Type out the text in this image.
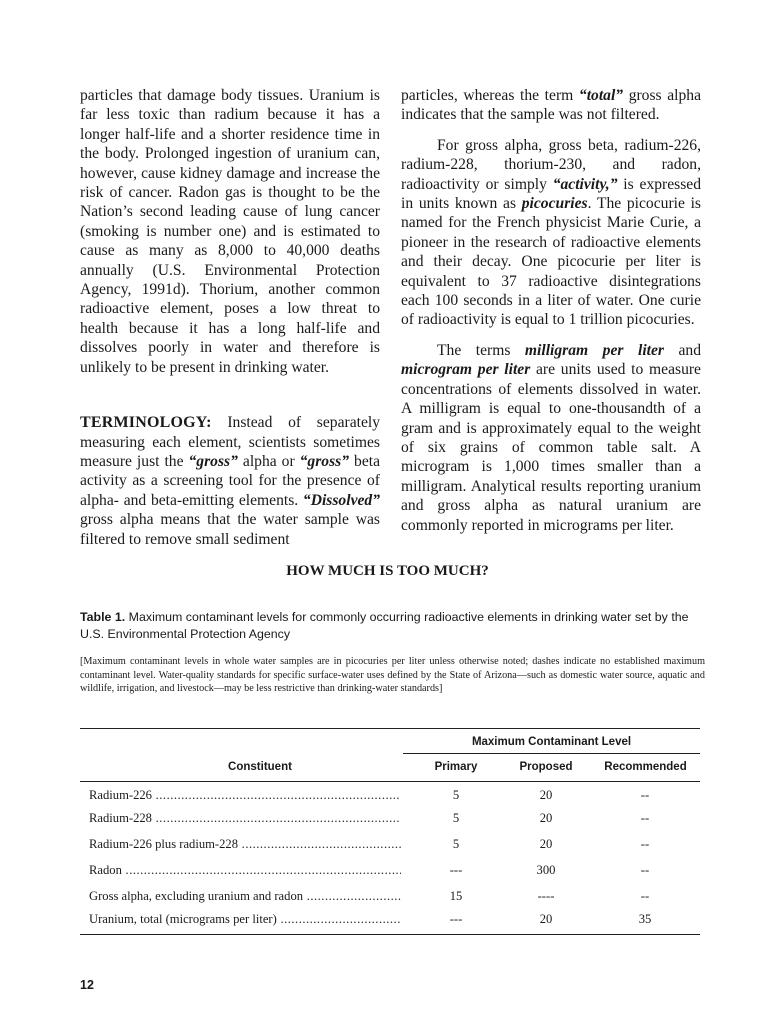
particles that damage body tissues. Uranium is far less toxic than radium because it has a longer half-life and a shorter residence time in the body. Prolonged ingestion of uranium can, however, cause kidney damage and increase the risk of cancer. Radon gas is thought to be the Nation’s second leading cause of lung cancer (smoking is number one) and is estimated to cause as many as 8,000 to 40,000 deaths annually (U.S. Environmental Protection Agency, 1991d). Thorium, another common radioactive element, poses a low threat to health because it has a long half-life and dissolves poorly in water and therefore is unlikely to be present in drinking water.

TERMINOLOGY: Instead of separately measuring each element, scientists sometimes measure just the “gross” alpha or “gross” beta activity as a screening tool for the presence of alpha- and beta-emitting elements. “Dissolved” gross alpha means that the water sample was filtered to remove small sediment

particles, whereas the term “total” gross alpha indicates that the sample was not filtered.

For gross alpha, gross beta, radium-226, radium-228, thorium-230, and radon, radioactivity or simply “activity,” is expressed in units known as picocuries. The picocurie is named for the French physicist Marie Curie, a pioneer in the research of radioactive elements and their decay. One picocurie per liter is equivalent to 37 radioactive disintegrations each 100 seconds in a liter of water. One curie of radioactivity is equal to 1 trillion picocuries.

The terms milligram per liter and microgram per liter are units used to measure concentrations of elements dissolved in water. A milligram is equal to one-thousandth of a gram and is approximately equal to the weight of six grains of common table salt. A microgram is 1,000 times smaller than a milligram. Analytical results reporting uranium and gross alpha as natural uranium are commonly reported in micrograms per liter.

HOW MUCH IS TOO MUCH?
Table 1. Maximum contaminant levels for commonly occurring radioactive elements in drinking water set by the U.S. Environmental Protection Agency
[Maximum contaminant levels in whole water samples are in picocuries per liter unless otherwise noted; dashes indicate no established maximum contaminant level. Water-quality standards for specific surface-water uses defined by the State of Arizona—such as domestic water source, aquatic and wildlife, irrigation, and livestock—may be less restrictive than drinking-water standards]
Maximum Contaminant Level
Constituent	Primary	Proposed	Recommended
Radium-226 .....	5	20	--
Radium-228 .....	5	20	--
Radium-226 plus radium-228 .....	5	20	--
Radon .....	---	300	--
Gross alpha, excluding uranium and radon .....	15	----	--
Uranium, total (micrograms per liter) .....	---	20	35
12
